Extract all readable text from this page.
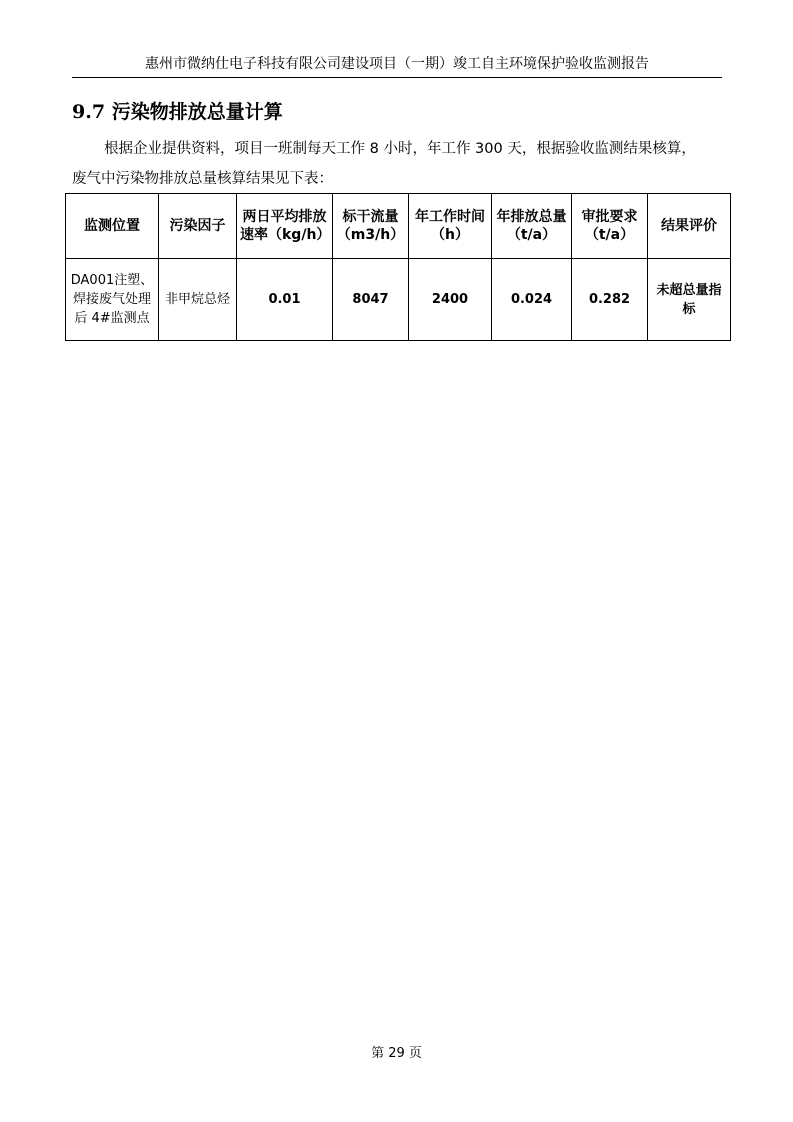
惠州市微纳仕电子科技有限公司建设项目（一期）竣工自主环境保护验收监测报告
9.7 污染物排放总量计算
根据企业提供资料，项目一班制每天工作 8 小时，年工作 300 天，根据验收监测结果核算，
废气中污染物排放总量核算结果见下表：
监测位置	污染因子	两日平均排放速率（kg/h）	标干流量（m3/h）	年工作时间（h）	年排放总量（t/a）	审批要求（t/a）	结果评价
DA001注塑、焊接废气处理后 4#监测点	非甲烷总烃	0.01	8047	2400	0.024	0.282	未超总量指标
第 29 页
